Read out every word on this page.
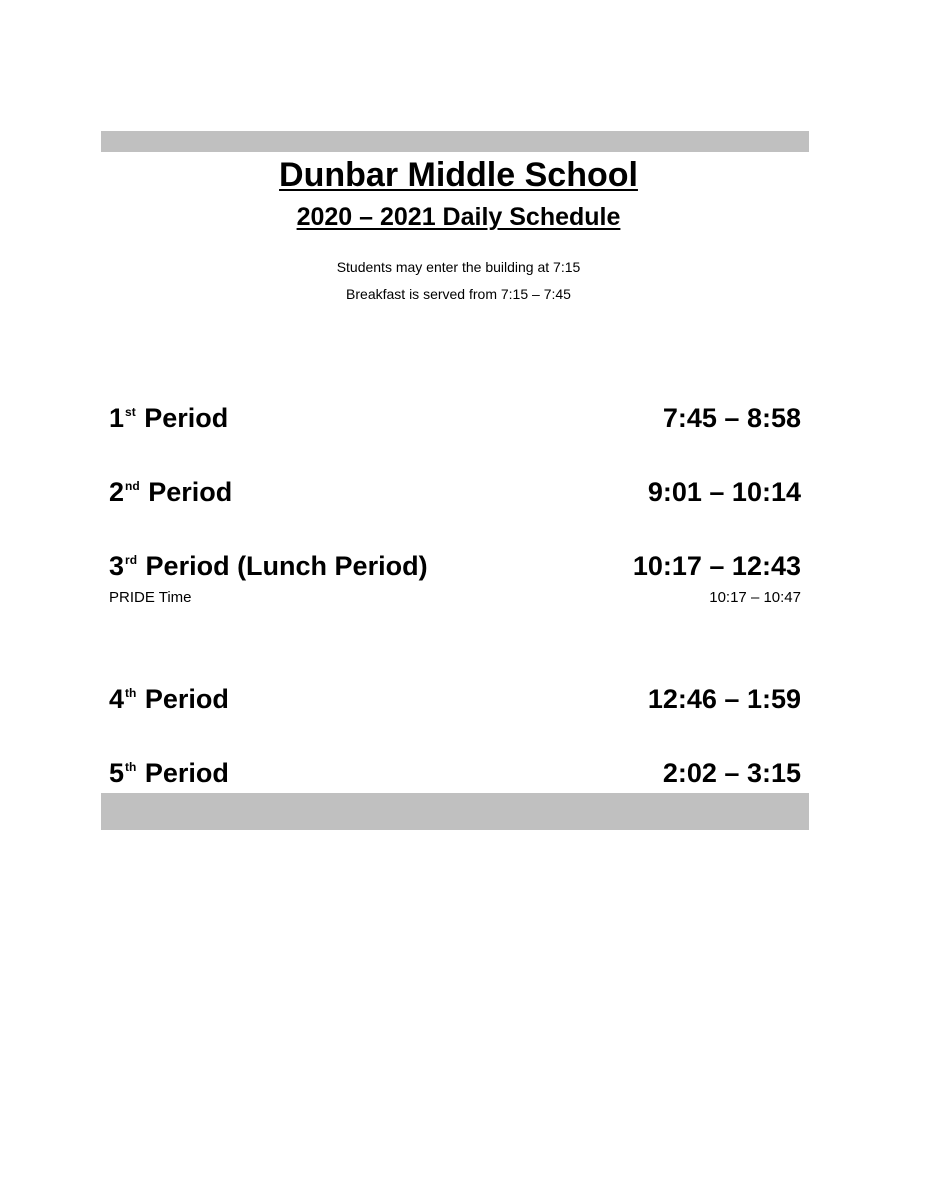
Dunbar Middle School
2020 – 2021 Daily Schedule
Students may enter the building at 7:15
Breakfast is served from 7:15 – 7:45
1st Period	7:45 – 8:58
2nd Period	9:01 – 10:14
3rd Period (Lunch Period)	10:17 – 12:43
PRIDE Time	10:17 – 10:47
4th Period	12:46 – 1:59
5th Period	2:02 – 3:15
